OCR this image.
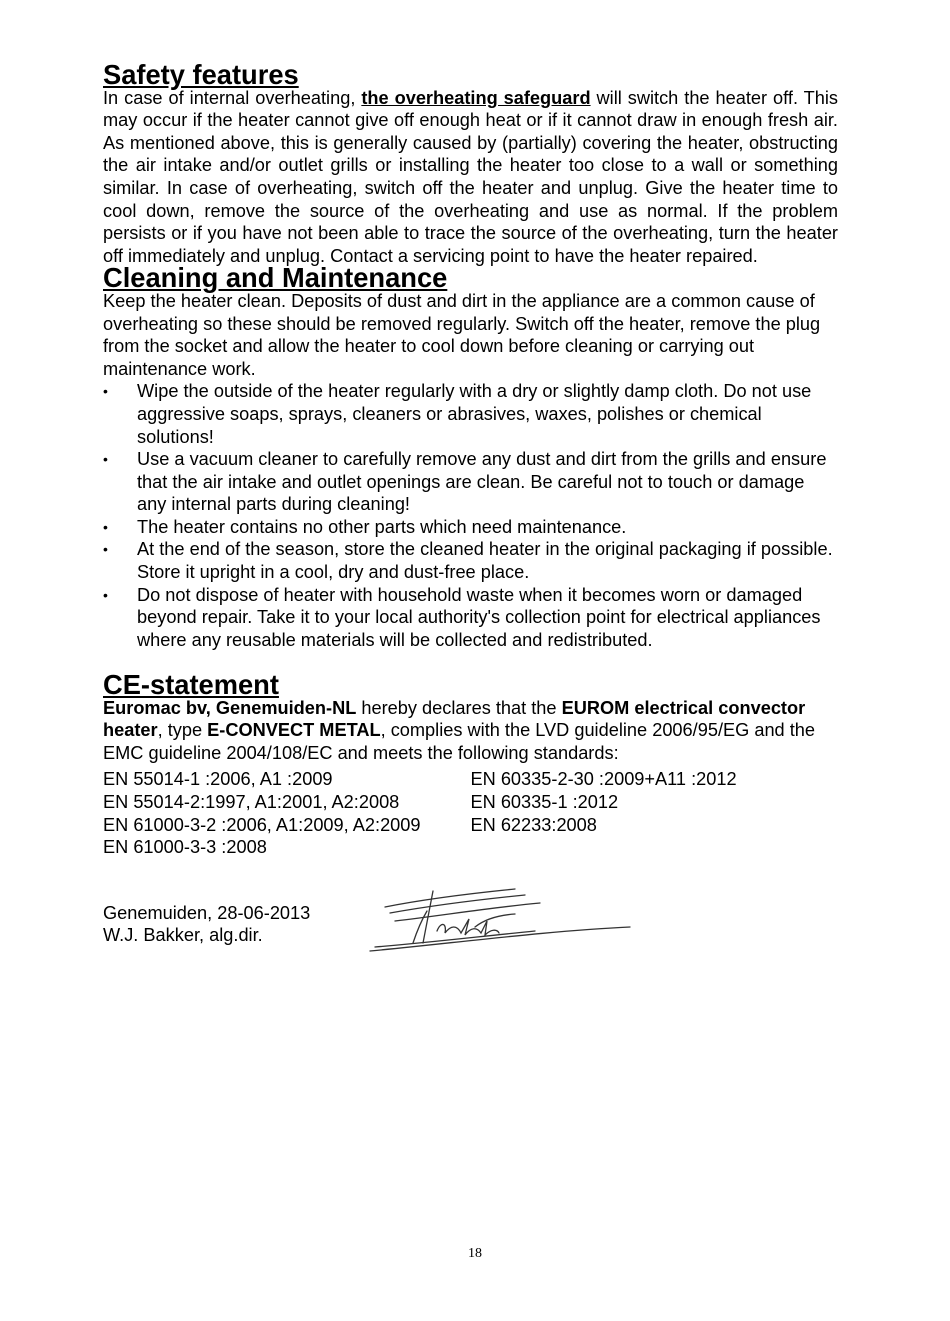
Safety features

In case of internal overheating, the overheating safeguard will switch the heater off. This may occur if the heater cannot give off enough heat or if it cannot draw in enough fresh air. As mentioned above, this is generally caused by (partially) covering the heater, obstructing the air intake and/or outlet grills or installing the heater too close to a wall or something similar. In case of overheating, switch off the heater and unplug. Give the heater time to cool down, remove the source of the overheating and use as normal. If the problem persists or if you have not been able to trace the source of the overheating, turn the heater off immediately and unplug. Contact a servicing point to have the heater repaired.

Cleaning and Maintenance

Keep the heater clean. Deposits of dust and dirt in the appliance are a common cause of overheating so these should be removed regularly. Switch off the heater, remove the plug from the socket and allow the heater to cool down before cleaning or carrying out maintenance work.

• Wipe the outside of the heater regularly with a dry or slightly damp cloth. Do not use aggressive soaps, sprays, cleaners or abrasives, waxes, polishes or chemical solutions!
• Use a vacuum cleaner to carefully remove any dust and dirt from the grills and ensure that the air intake and outlet openings are clean. Be careful not to touch or damage any internal parts during cleaning!
• The heater contains no other parts which need maintenance.
• At the end of the season, store the cleaned heater in the original packaging if possible. Store it upright in a cool, dry and dust-free place.
• Do not dispose of heater with household waste when it becomes worn or damaged beyond repair. Take it to your local authority's collection point for electrical appliances where any reusable materials will be collected and redistributed.
CE-statement

Euromac bv, Genemuiden-NL hereby declares that the EUROM electrical convector heater, type E-CONVECT METAL, complies with the LVD guideline 2006/95/EG and the EMC guideline 2004/108/EC and meets the following standards:

EN 55014-1 :2006, A1 :2009
EN 55014-2:1997, A1:2001, A2:2008
EN 61000-3-2 :2006, A1:2009, A2:2009
EN 61000-3-3 :2008
EN 60335-2-30 :2009+A11 :2012
EN 60335-1 :2012
EN 62233:2008
Genemuiden, 28-06-2013
W.J. Bakker, alg.dir.
18
